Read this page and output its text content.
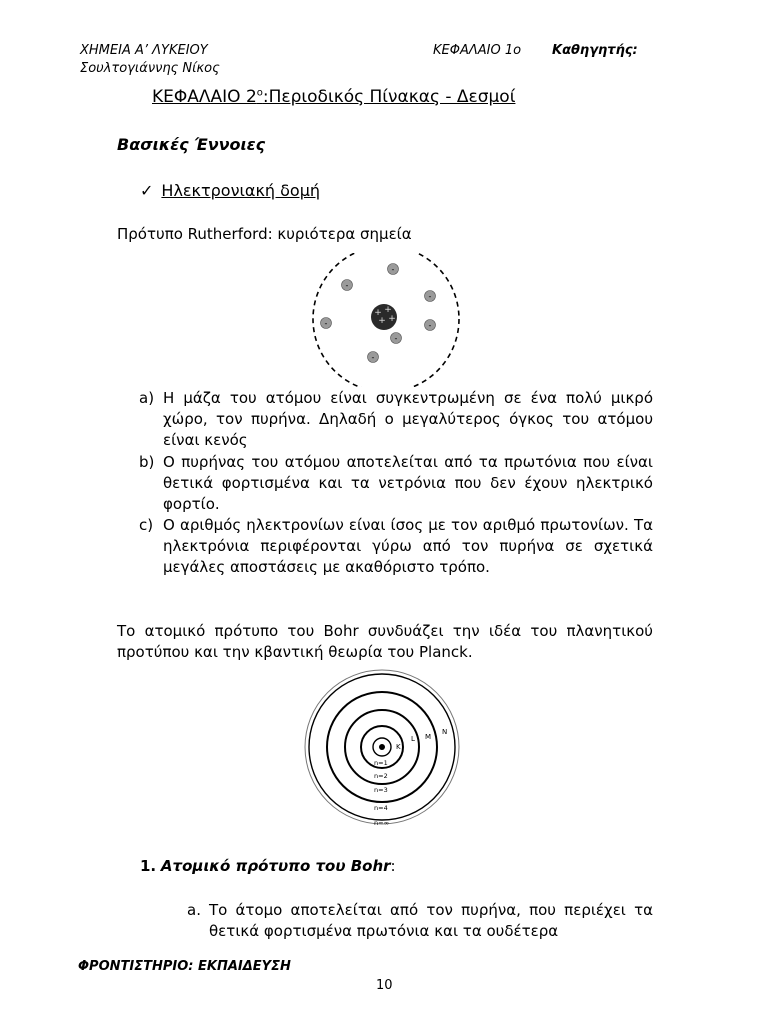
ΧΗΜΕΙΑ Α’ ΛΥΚΕΙΟΥ	ΚΕΦΑΛΑΙΟ 1ο Καθηγητής:
Σουλτογιάννης Νίκος
ΚΕΦΑΛΑΙΟ $2^o:\Pi\varepsilon\rho\iota o\delta\iota\kappa ό\varsigma$ Πίνακας - Δεσμοί
Βασικές Έννοιες
✓ Ηλεκτρονιακή δομή
Πρότυπο Rutherford: κυριότερα σημεία
+ +
+ +
-
-
-
-	-
-
-
a) Η μάζα του ατόμου είναι συγκεντρωμένη σε ένα πολύ μικρό χώρο, τον πυρήνα. Δηλαδή ο μεγαλύτερος όγκος του ατόμου είναι κενός
b) Ο πυρήνας του ατόμου αποτελείται από τα πρωτόνια που είναι θετικά φορτισμένα και τα νετρόνια που δεν έχουν ηλεκτρικό φορτίο.
c) Ο αριθμός ηλεκτρονίων είναι ίσος με τον αριθμό πρωτονίων. Τα ηλεκτρόνια περιφέρονται γύρω από τον πυρήνα σε σχετικά μεγάλες αποστάσεις με ακαθόριστο τρόπο.
Το ατομικό πρότυπο του Bohr συνδυάζει την ιδέα του πλανητικού προτύπου και την κβαντική θεωρία του Planck.
K
L M
N
n=1
n=2
n=3
n=4
n=∞
1. Ατομικό πρότυπο του Bohr:
a. Το άτομο αποτελείται από τον πυρήνα, που περιέχει τα θετικά φορτισμένα πρωτόνια και τα ουδέτερα
ΦΡΟΝΤΙΣΤΗΡΙΟ: ΕΚΠΑΙΔΕΥΣΗ
10
